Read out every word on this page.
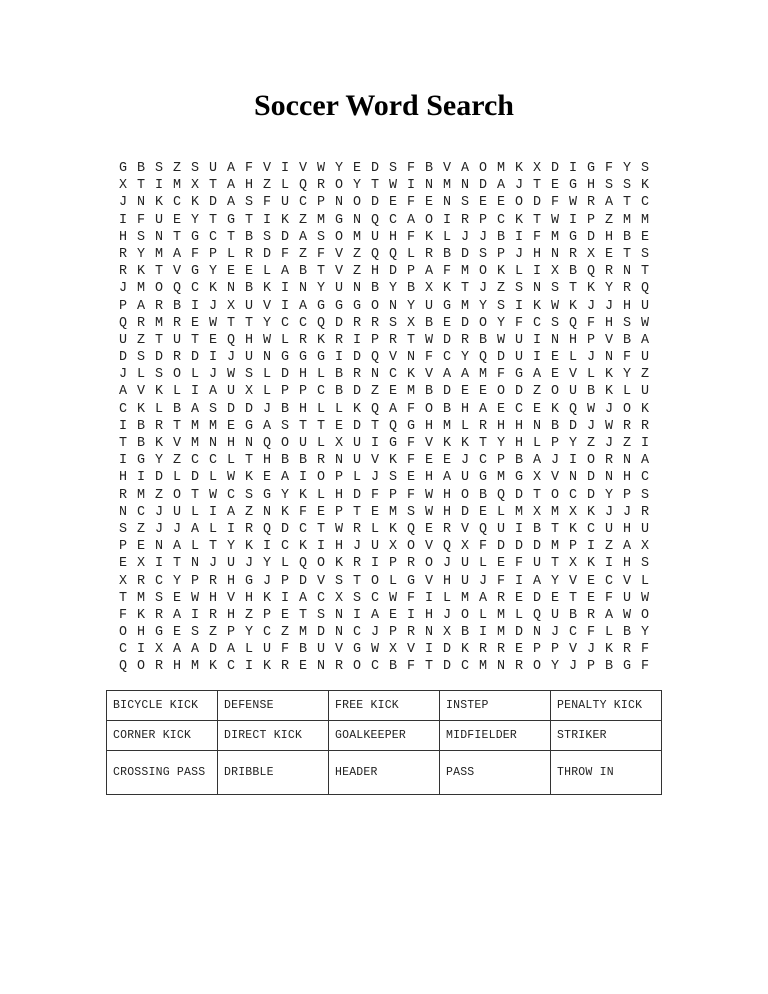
Soccer Word Search
G B S Z S U A F V I V W Y E D S F B V A O M K X D I G F Y S
X T I M X T A H Z L Q R O Y T W I N M N D A J T E G H S S K
J N K C K D A S F U C P N O D E F E N S E E O D F W R A T C
I F U E Y T G T I K Z M G N Q C A O I R P C K T W I P Z M M
H S N T G C T B S D A S O M U H F K L J J B I F M G D H B E
R Y M A F P L R D F Z F V Z Q Q L R B D S P J H N R X E T S
R K T V G Y E E L A B T V Z H D P A F M O K L I X B Q R N T
J M O Q C K N B K I N Y U N B Y B X K T J Z S N S T K Y R Q
P A R B I J X U V I A G G G O N Y U G M Y S I K W K J J H U
Q R M R E W T T Y C C Q D R R S X B E D O Y F C S Q F H S W
U Z T U T E Q H W L R K R I P R T W D R B W U I N H P V B A
D S D R D I J U N G G G I D Q V N F C Y Q D U I E L J N F U
J L S O L J W S L D H L B R N C K V A A M F G A E V L K Y Z
A V K L I A U X L P P C B D Z E M B D E E O D Z O U B K L U
C K L B A S D D J B H L L K Q A F O B H A E C E K Q W J O K
I B R T M M E G A S T T E D T Q G H M L R H H N B D J W R R
T B K V M N H N Q O U L X U I G F V K K T Y H L P Y Z J Z I
I G Y Z C C L T H B B R N U V K F E E J C P B A J I O R N A
H I D L D L W K E A I O P L J S E H A U G M G X V N D N H C
R M Z O T W C S G Y K L H D F P F W H O B Q D T O C D Y P S
N C J U L I A Z N K F E P T E M S W H D E L M X M X K J J R
S Z J J A L I R Q D C T W R L K Q E R V Q U I B T K C U H U
P E N A L T Y K I C K I H J U X O V Q X F D D D M P I Z A X
E X I T N J U J Y L Q O K R I P R O J U L E F U T X K I H S
X R C Y P R H G J P D V S T O L G V H U J F I A Y V E C V L
T M S E W H V H K I A C X S C W F I L M A R E D E T E F U W
F K R A I R H Z P E T S N I A E I H J O L M L Q U B R A W O
O H G E S Z P Y C Z M D N C J P R N X B I M D N J C F L B Y
C I X A A D A L U F B U V G W X V I D K R R E P P V J K R F
Q O R H M K C I K R E N R O C B F T D C M N R O Y J P B G F
BICYCLE KICK	DEFENSE	FREE KICK	INSTEP	PENALTY KICK
CORNER KICK	DIRECT KICK	GOALKEEPER	MIDFIELDER	STRIKER
CROSSING PASS	DRIBBLE	HEADER	PASS	THROW IN
